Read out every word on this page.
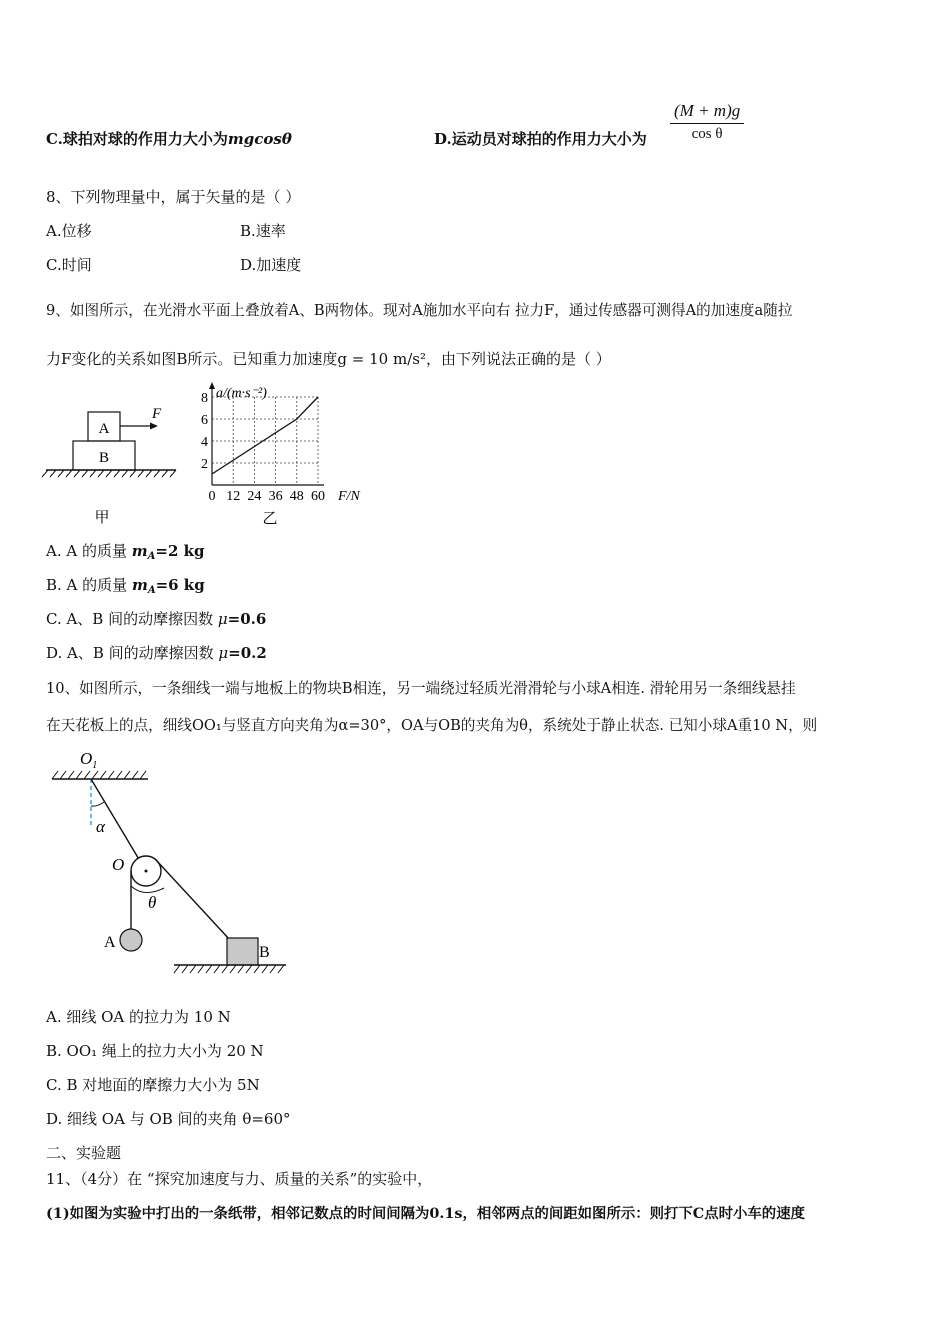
C.球拍对球的作用力大小为mgcosθ	D.运动员对球拍的作用力大小为 $\frac{(M + m)g}{\text{cos θ}}$
8、下列物理量中，属于矢量的是（ ）
A.位移	B.速率
C.时间	D.加速度
9、如图所示，在光滑水平面上叠放着A、B两物体。现对A施加水平向右 拉力F，通过传感器可测得A的加速度a随拉
力F变化的关系如图B所示。已知重力加速度g = 10 m/s²，由下列说法正确的是（ ）
B
A
F
甲
0 12 24 36 48 60
2
4
6
8 a/(m·s⁻²)
F/N
乙
A. A 的质量 $m_A=2$ kg
B. A 的质量 $m_A=6$ kg
C. A、B 间的动摩擦因数 μ=0.6
D. A、B 间的动摩擦因数 μ=0.2
10、如图所示，一条细线一端与地板上的物块B相连，另一端绕过轻质光滑滑轮与小球A相连. 滑轮用另一条细线悬挂
在天花板上的点，细线OO₁与竖直方向夹角为α=30°，OA与OB的夹角为θ，系统处于静止状态. 已知小球A重10 N，则
$O_1$
α
O
θ
A
B
A. 细线 OA 的拉力为 10 N
B. OO₁ 绳上的拉力大小为 20 N
C. B 对地面的摩擦力大小为 5N
D. 细线 OA 与 OB 间的夹角 θ=60°
二、实验题
11、（4分）在 “探究加速度与力、质量的关系”的实验中，
(1)如图为实验中打出的一条纸带，相邻记数点的时间间隔为0.1s，相邻两点的间距如图所示：则打下C点时小车的速度
